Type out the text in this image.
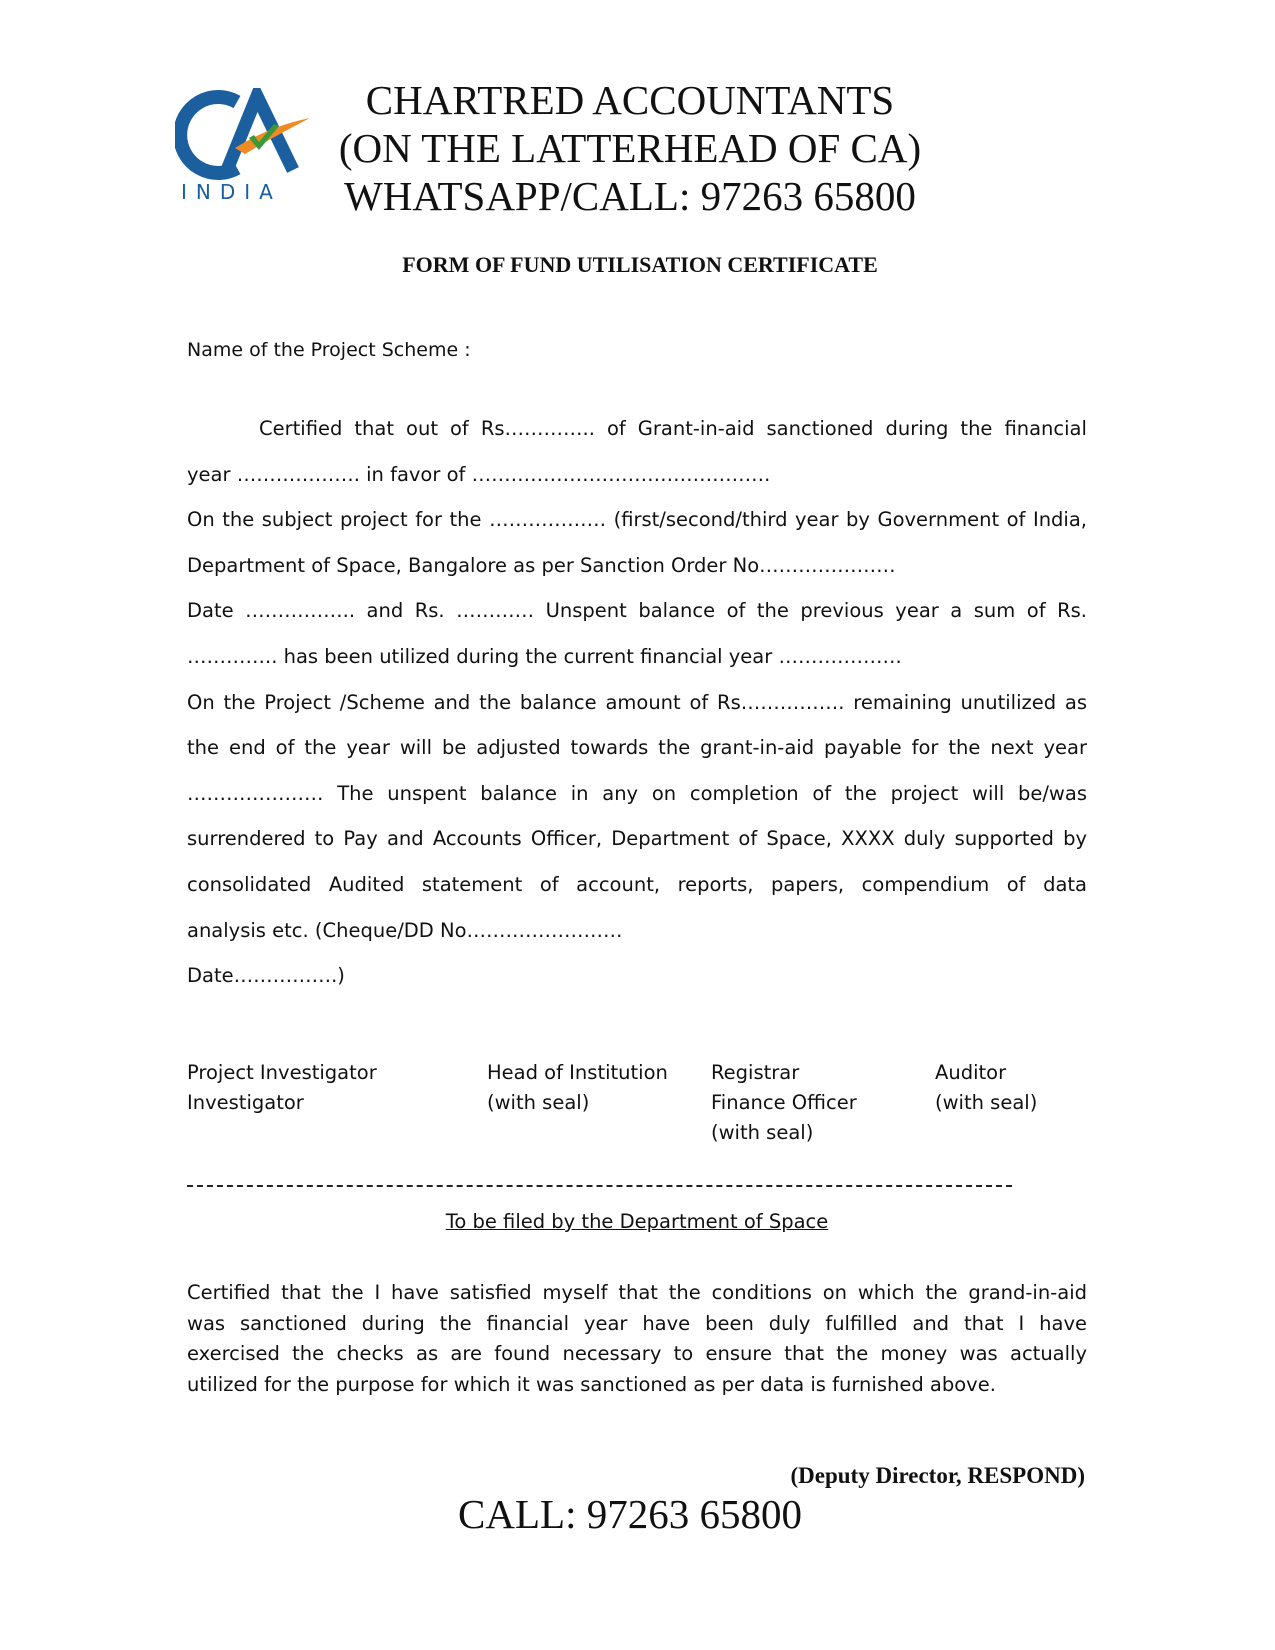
INDIA
CHARTRED ACCOUNTANTS
(ON THE LATTERHEAD OF CA)
WHATSAPP/CALL: 97263 65800
FORM OF FUND UTILISATION CERTIFICATE
Name of the Project Scheme :
Certified that out of Rs………….. of Grant-in-aid sanctioned during the financial
year ………………. in favor of ……………………………………….
On the subject project for the ……………… (first/second/third year by Government of India,
Department of Space, Bangalore as per Sanction Order No…………………
Date …………….. and Rs. ………… Unspent balance of the previous year a sum of Rs.
………….. has been utilized during the current financial year ……………….
On the Project /Scheme and the balance amount of Rs……………. remaining unutilized as
the end of the year will be adjusted towards the grant-in-aid payable for the next year
………………… The unspent balance in any on completion of the project will be/was
surrendered to Pay and Accounts Officer, Department of Space, XXXX duly supported by
consolidated Audited statement of account, reports, papers, compendium of data
analysis etc. (Cheque/DD No……………………
Date…………….)
Project Investigator
Investigator
Head of Institution
(with seal)
Registrar
Finance Officer
(with seal)
Auditor
(with seal)
To be filed by the Department of Space
Certified that the I have satisfied myself that the conditions on which the grand-in-aid
was sanctioned during the financial year have been duly fulfilled and that I have
exercised the checks as are found necessary to ensure that the money was actually
utilized for the purpose for which it was sanctioned as per data is furnished above.
(Deputy Director, RESPOND)
CALL: 97263 65800
